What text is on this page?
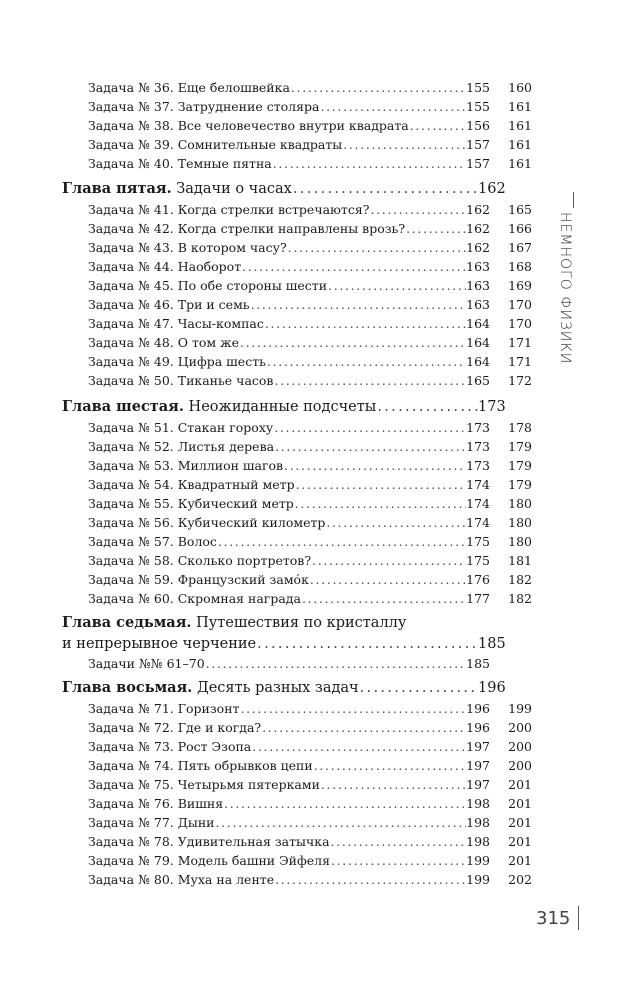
Задача № 36. Еще белошвейка . . .	155	160
Задача № 37. Затруднение столяра . . .	155	161
Задача № 38. Все человечество внутри квадрата . . .	156	161
Задача № 39. Сомнительные квадраты . . .	157	161
Задача № 40. Темные пятна . . .	157	161
Глава пятая. Задачи о часах . . .	162
Задача № 41. Когда стрелки встречаются? . . .	162	165
Задача № 42. Когда стрелки направлены врозь? . . .	162	166
Задача № 43. В котором часу? . . .	162	167
Задача № 44. Наоборот . . .	163	168
Задача № 45. По обе стороны шести . . .	163	169
Задача № 46. Три и семь . . .	163	170
Задача № 47. Часы-компас . . .	164	170
Задача № 48. О том же . . .	164	171
Задача № 49. Цифра шесть . . .	164	171
Задача № 50. Тиканье часов . . .	165	172
Глава шестая. Неожиданные подсчеты . . .	173
Задача № 51. Стакан гороху . . .	173	178
Задача № 52. Листья дерева . . .	173	179
Задача № 53. Миллион шагов . . .	173	179
Задача № 54. Квадратный метр . . .	174	179
Задача № 55. Кубический метр . . .	174	180
Задача № 56. Кубический километр . . .	174	180
Задача № 57. Волос . . .	175	180
Задача № 58. Сколько портретов? . . .	175	181
Задача № 59. Французский замóк . . .	176	182
Задача № 60. Скромная награда . . .	177	182
Глава седьмая. Путешествия по кристаллу
и непрерывное черчение . . .	185
Задачи №№ 61–70 . . .	185
Глава восьмая. Десять разных задач . . .	196
Задача № 71. Горизонт . . .	196	199
Задача № 72. Где и когда? . . .	196	200
Задача № 73. Рост Эзопа . . .	197	200
Задача № 74. Пять обрывков цепи . . .	197	200
Задача № 75. Четырьмя пятерками . . .	197	201
Задача № 76. Вишня . . .	198	201
Задача № 77. Дыни . . .	198	201
Задача № 78. Удивительная затычка . . .	198	201
Задача № 79. Модель башни Эйфеля . . .	199	201
Задача № 80. Муха на ленте . . .	199	202
НЕМНОГО ФИЗИКИ
315
